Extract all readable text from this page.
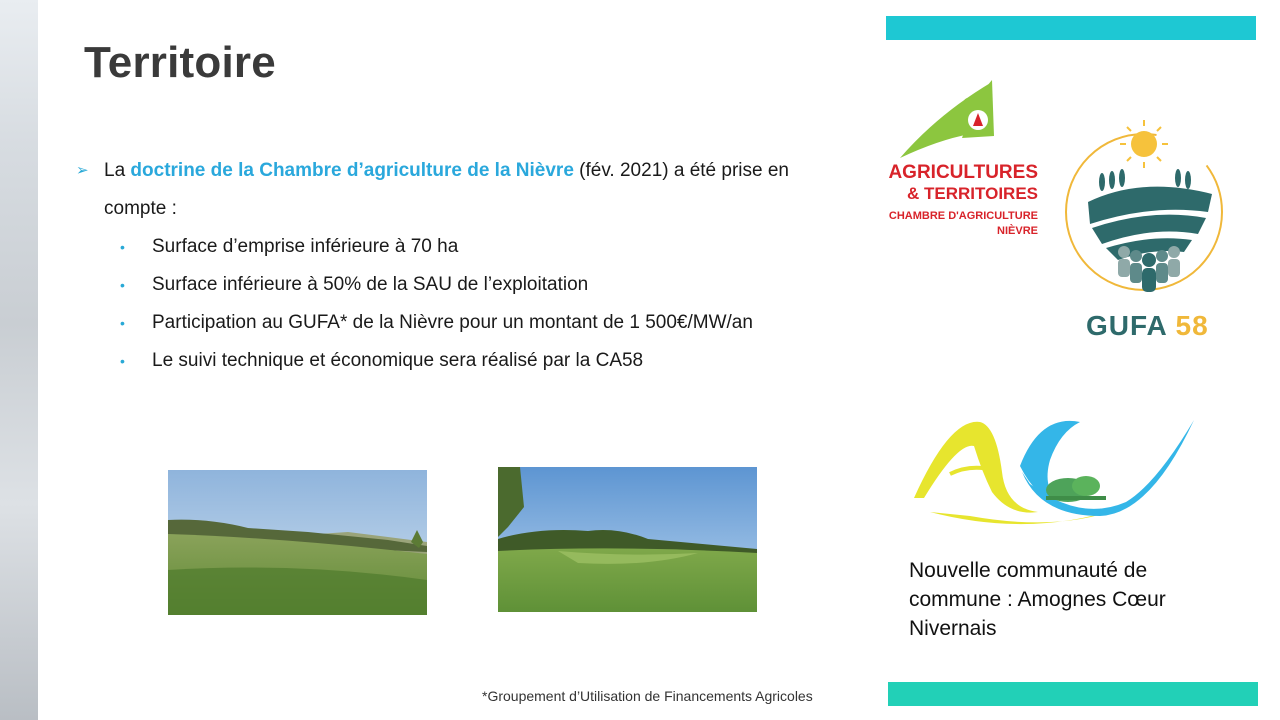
Territoire
➢ La doctrine de la Chambre d’agriculture de la Nièvre (fév. 2021) a été prise en compte :
• Surface d’emprise inférieure à 70 ha
• Surface inférieure à 50% de la SAU de l’exploitation
• Participation au GUFA* de la Nièvre pour un montant de 1 500€/MW/an
• Le suivi technique et économique sera réalisé par la CA58
*Groupement d’Utilisation de Financements Agricoles
AGRICULTURES
& TERRITOIRES
CHAMBRE D'AGRICULTURE
NIÈVRE
GUFA 58
Nouvelle communauté de commune : Amognes Cœur Nivernais
